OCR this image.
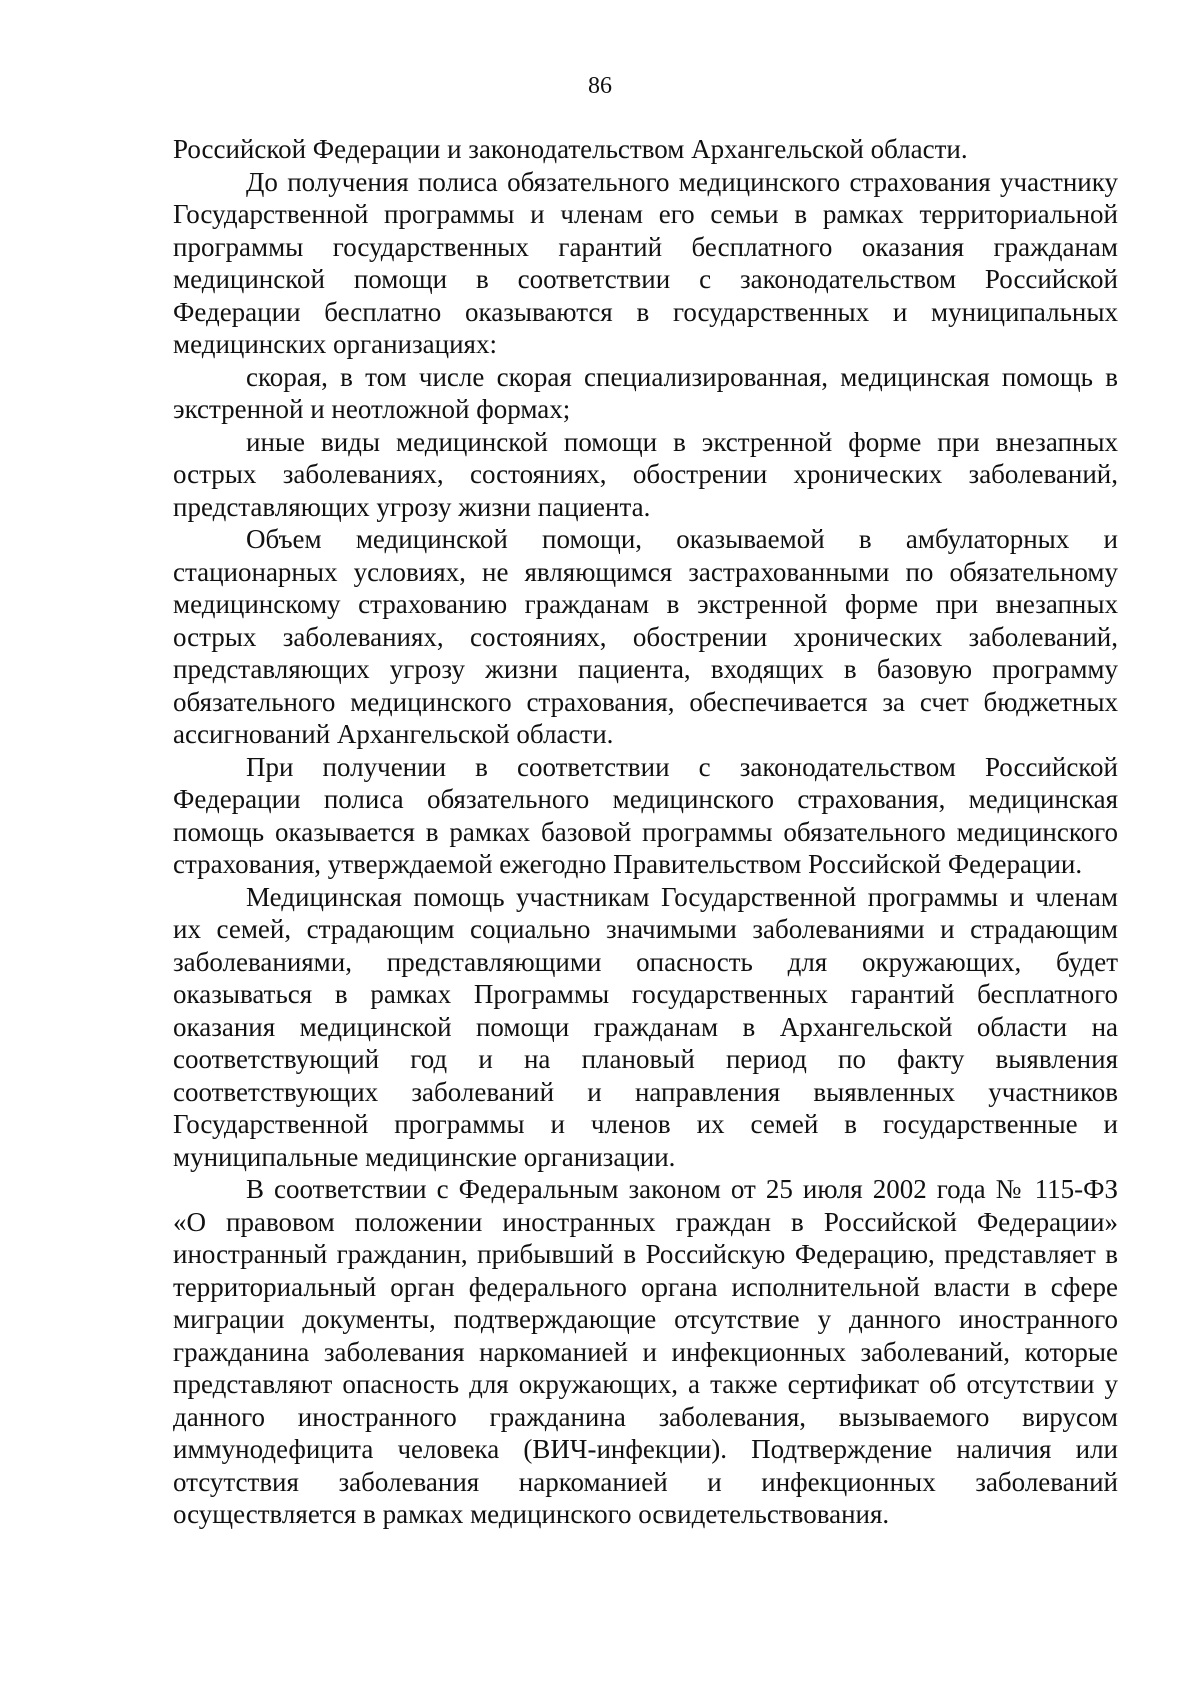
86

Российской Федерации и законодательством Архангельской области.

До получения полиса обязательного медицинского страхования участнику Государственной программы и членам его семьи в рамках территориальной программы государственных гарантий бесплатного оказания гражданам медицинской помощи в соответствии с законодательством Российской Федерации бесплатно оказываются в государственных и муниципальных медицинских организациях:

скорая, в том числе скорая специализированная, медицинская помощь в экстренной и неотложной формах;

иные виды медицинской помощи в экстренной форме при внезапных острых заболеваниях, состояниях, обострении хронических заболеваний, представляющих угрозу жизни пациента.

Объем медицинской помощи, оказываемой в амбулаторных и стационарных условиях, не являющимся застрахованными по обязательному медицинскому страхованию гражданам в экстренной форме при внезапных острых заболеваниях, состояниях, обострении хронических заболеваний, представляющих угрозу жизни пациента, входящих в базовую программу обязательного медицинского страхования, обеспечивается за счет бюджетных ассигнований Архангельской области.

При получении в соответствии с законодательством Российской Федерации полиса обязательного медицинского страхования, медицинская помощь оказывается в рамках базовой программы обязательного медицинского страхования, утверждаемой ежегодно Правительством Российской Федерации.

Медицинская помощь участникам Государственной программы и членам их семей, страдающим социально значимыми заболеваниями и страдающим заболеваниями, представляющими опасность для окружающих, будет оказываться в рамках Программы государственных гарантий бесплатного оказания медицинской помощи гражданам в Архангельской области на соответствующий год и на плановый период по факту выявления соответствующих заболеваний и направления выявленных участников Государственной программы и членов их семей в государственные и муниципальные медицинские организации.

В соответствии с Федеральным законом от 25 июля 2002 года № 115-ФЗ «О правовом положении иностранных граждан в Российской Федерации» иностранный гражданин, прибывший в Российскую Федерацию, представляет в территориальный орган федерального органа исполнительной власти в сфере миграции документы, подтверждающие отсутствие у данного иностранного гражданина заболевания наркоманией и инфекционных заболеваний, которые представляют опасность для окружающих, а также сертификат об отсутствии у данного иностранного гражданина заболевания, вызываемого вирусом иммунодефицита человека (ВИЧ-инфекции). Подтверждение наличия или отсутствия заболевания наркоманией и инфекционных заболеваний осуществляется в рамках медицинского освидетельствования.
